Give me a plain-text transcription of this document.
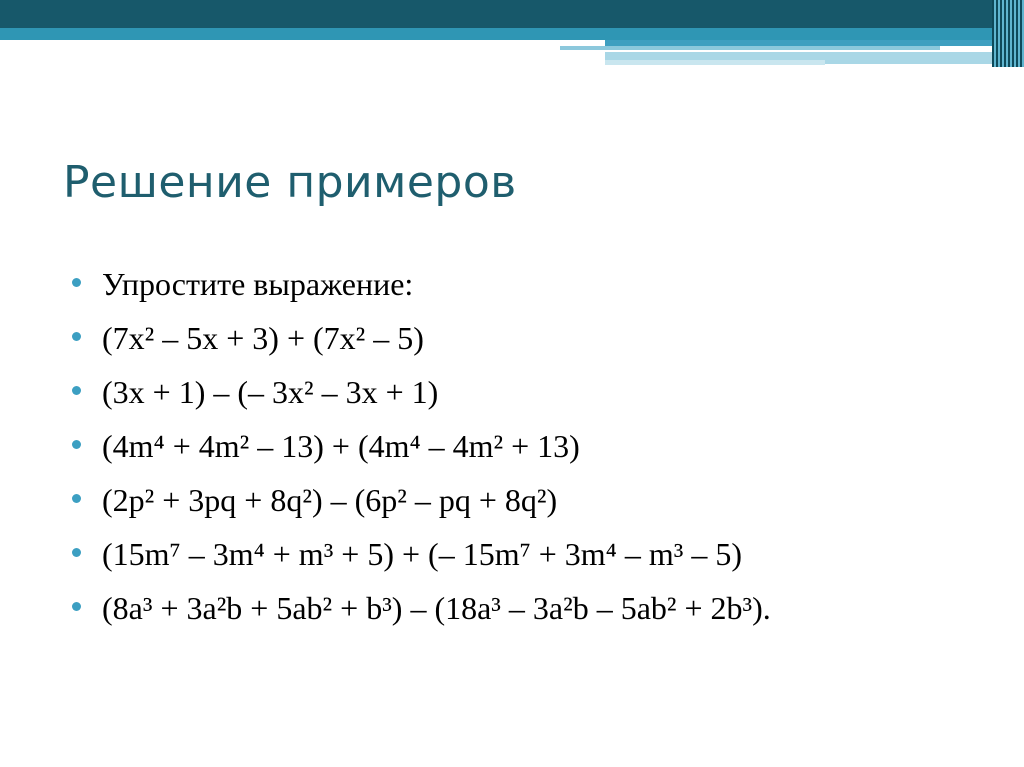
Решение примеров
Упростите выражение:
(7x² – 5x + 3) + (7x² – 5)
(3x + 1) – (– 3x² – 3x + 1)
(4m⁴ + 4m² – 13) + (4m⁴ – 4m² + 13)
(2p² + 3pq + 8q²) – (6p² – pq + 8q²)
(15m⁷ – 3m⁴ + m³ + 5) + (– 15m⁷ + 3m⁴ – m³ – 5)
(8a³ + 3a²b + 5ab² + b³) – (18a³ – 3a²b – 5ab² + 2b³).
